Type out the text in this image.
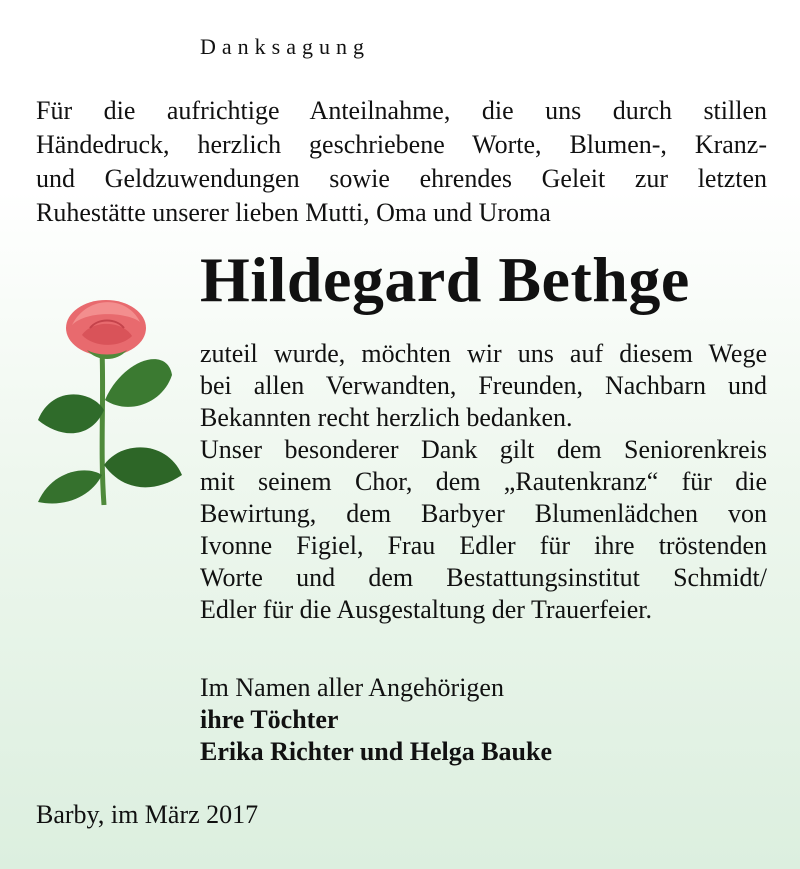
Danksagung

Für die aufrichtige Anteilnahme, die uns durch stillen
Händedruck, herzlich geschriebene Worte, Blumen-, Kranz-
und Geldzuwendungen sowie ehrendes Geleit zur letzten
Ruhestätte unserer lieben Mutti, Oma und Uroma

Hildegard Bethge

zuteil wurde, möchten wir uns auf diesem Wege
bei allen Verwandten, Freunden, Nachbarn und
Bekannten recht herzlich bedanken.
Unser besonderer Dank gilt dem Seniorenkreis
mit seinem Chor, dem „Rautenkranz“ für die
Bewirtung, dem Barbyer Blumenlädchen von
Ivonne Figiel, Frau Edler für ihre tröstenden
Worte und dem Bestattungsinstitut Schmidt/
Edler für die Ausgestaltung der Trauerfeier.

Im Namen aller Angehörigen
ihre Töchter
Erika Richter und Helga Bauke

Barby, im März 2017
